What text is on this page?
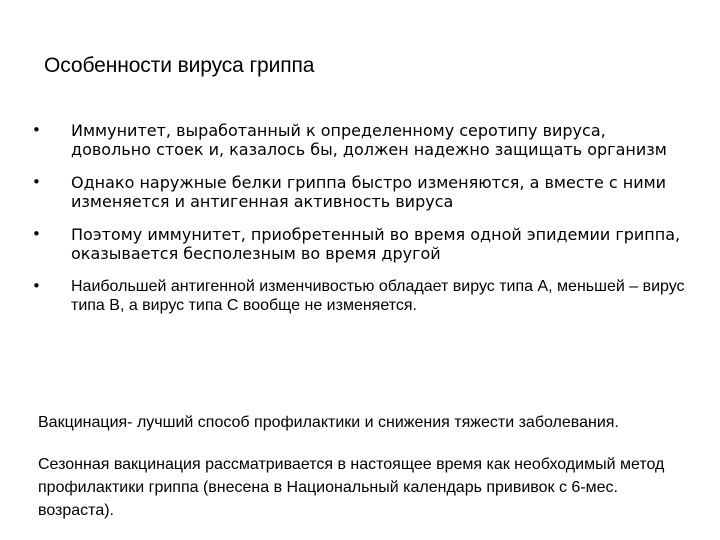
Особенности вируса гриппа
• Иммунитет, выработанный к определенному серотипу вируса, довольно стоек и, казалось бы, должен надежно защищать организм
• Однако наружные белки гриппа быстро изменяются, а вместе с ними изменяется и антигенная активность вируса
• Поэтому иммунитет, приобретенный во время одной эпидемии гриппа, оказывается бесполезным во время другой
• Наибольшей антигенной изменчивостью обладает вирус типа А, меньшей – вирус типа В, а вирус типа С вообще не изменяется.

Вакцинация- лучший способ профилактики и снижения тяжести заболевания.

Сезонная вакцинация рассматривается в настоящее время как необходимый метод профилактики гриппа (внесена в Национальный календарь прививок с 6-мес. возраста).
